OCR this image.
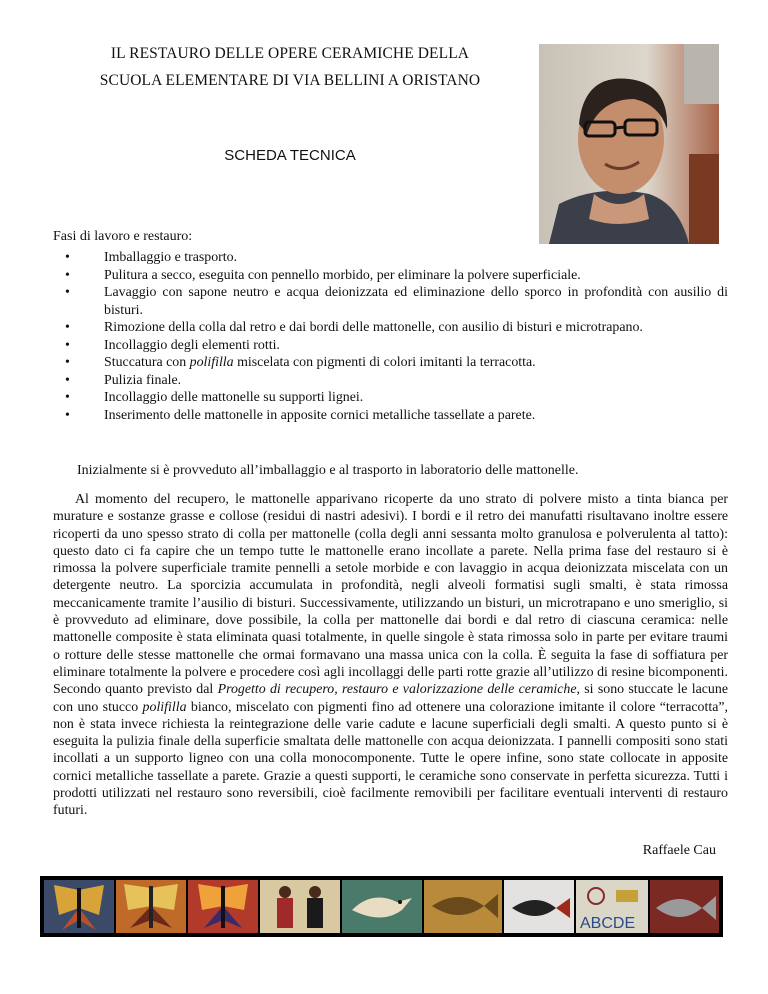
IL RESTAURO DELLE OPERE CERAMICHE DELLA
SCUOLA ELEMENTARE DI VIA BELLINI A ORISTANO
SCHEDA TECNICA
Fasi di lavoro e restauro:
• Imballaggio e trasporto.
• Pulitura a secco, eseguita con pennello morbido, per eliminare la polvere superficiale.
• Lavaggio con sapone neutro e acqua deionizzata ed eliminazione dello sporco in profondità con ausilio di bisturi.
• Rimozione della colla dal retro e dai bordi delle mattonelle, con ausilio di bisturi e microtrapano.
• Incollaggio degli elementi rotti.
• Stuccatura con polifilla miscelata con pigmenti di colori imitanti la terracotta.
• Pulizia finale.
• Incollaggio delle mattonelle su supporti lignei.
• Inserimento delle mattonelle in apposite cornici metalliche tassellate a parete.
Inizialmente si è provveduto all’imballaggio e al trasporto in laboratorio delle mattonelle.
Al momento del recupero, le mattonelle apparivano ricoperte da uno strato di polvere misto a tinta bianca per murature e sostanze grasse e collose (residui di nastri adesivi). I bordi e il retro dei manufatti risultavano inoltre essere ricoperti da uno spesso strato di colla per mattonelle (colla degli anni sessanta molto granulosa e polverulenta al tatto): questo dato ci fa capire che un tempo tutte le mattonelle erano incollate a parete. Nella prima fase del restauro si è rimossa la polvere superficiale tramite pennelli a setole morbide e con lavaggio in acqua deionizzata miscelata con un detergente neutro. La sporcizia accumulata in profondità, negli alveoli formatisi sugli smalti, è stata rimossa meccanicamente tramite l’ausilio di bisturi. Successivamente, utilizzando un bisturi, un microtrapano e uno smeriglio, si è provveduto ad eliminare, dove possibile, la colla per mattonelle dai bordi e dal retro di ciascuna ceramica: nelle mattonelle composite è stata eliminata quasi totalmente, in quelle singole è stata rimossa solo in parte per evitare traumi o rotture delle stesse mattonelle che ormai formavano una massa unica con la colla. È seguita la fase di soffiatura per eliminare totalmente la polvere e procedere così agli incollaggi delle parti rotte grazie all’utilizzo di resine bicomponenti. Secondo quanto previsto dal Progetto di recupero, restauro e valorizzazione delle ceramiche, si sono stuccate le lacune con uno stucco polifilla bianco, miscelato con pigmenti fino ad ottenere una colorazione imitante il colore “terracotta”, non è stata invece richiesta la reintegrazione delle varie cadute e lacune superficiali degli smalti. A questo punto si è eseguita la pulizia finale della superficie smaltata delle mattonelle con acqua deionizzata. I pannelli compositi sono stati incollati a un supporto ligneo con una colla monocomponente. Tutte le opere infine, sono state collocate in apposite cornici metalliche tassellate a parete. Grazie a questi supporti, le ceramiche sono conservate in perfetta sicurezza. Tutti i prodotti utilizzati nel restauro sono reversibili, cioè facilmente removibili per facilitare eventuali interventi di restauro futuri.
Raffaele Cau
ABCDE
